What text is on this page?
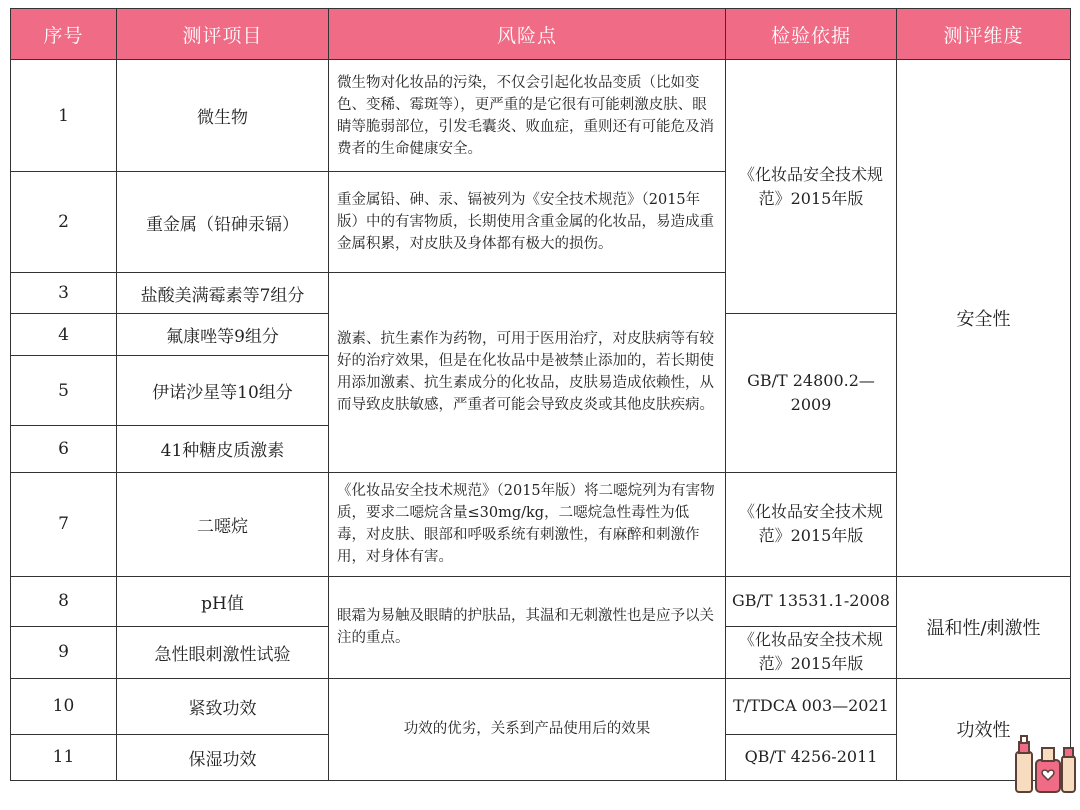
序号	测评项目	风险点	检验依据	测评维度
1	微生物	微生物对化妆品的污染，不仅会引起化妆品变质（比如变色、变稀、霉斑等），更严重的是它很有可能刺激皮肤、眼睛等脆弱部位，引发毛囊炎、败血症，重则还有可能危及消费者的生命健康安全。	《化妆品安全技术规范》2015年版	安全性
2	重金属（铅砷汞镉）	重金属铅、砷、汞、镉被列为《安全技术规范》（2015年版）中的有害物质，长期使用含重金属的化妆品，易造成重金属积累，对皮肤及身体都有极大的损伤。		
3	盐酸美满霉素等7组分	激素、抗生素作为药物，可用于医用治疗，对皮肤病等有较好的治疗效果，但是在化妆品中是被禁止添加的，若长期使用添加激素、抗生素成分的化妆品，皮肤易造成依赖性，从而导致皮肤敏感，严重者可能会导致皮炎或其他皮肤疾病。		
4	氟康唑等9组分		GB/T 24800.2—2009	
5	伊诺沙星等10组分			
6	41种糖皮质激素			
7	二噁烷	《化妆品安全技术规范》（2015年版）将二噁烷列为有害物质，要求二噁烷含量≤30mg/kg，二噁烷急性毒性为低毒，对皮肤、眼部和呼吸系统有刺激性，有麻醉和刺激作用，对身体有害。	《化妆品安全技术规范》2015年版	
8	pH值	眼霜为易触及眼睛的护肤品，其温和无刺激性也是应予以关注的重点。	GB/T 13531.1-2008	温和性/刺激性
9	急性眼刺激性试验		《化妆品安全技术规范》2015年版	
10	紧致功效	功效的优劣，关系到产品使用后的效果	T/TDCA 003—2021	功效性
11	保湿功效		QB/T 4256-2011	
